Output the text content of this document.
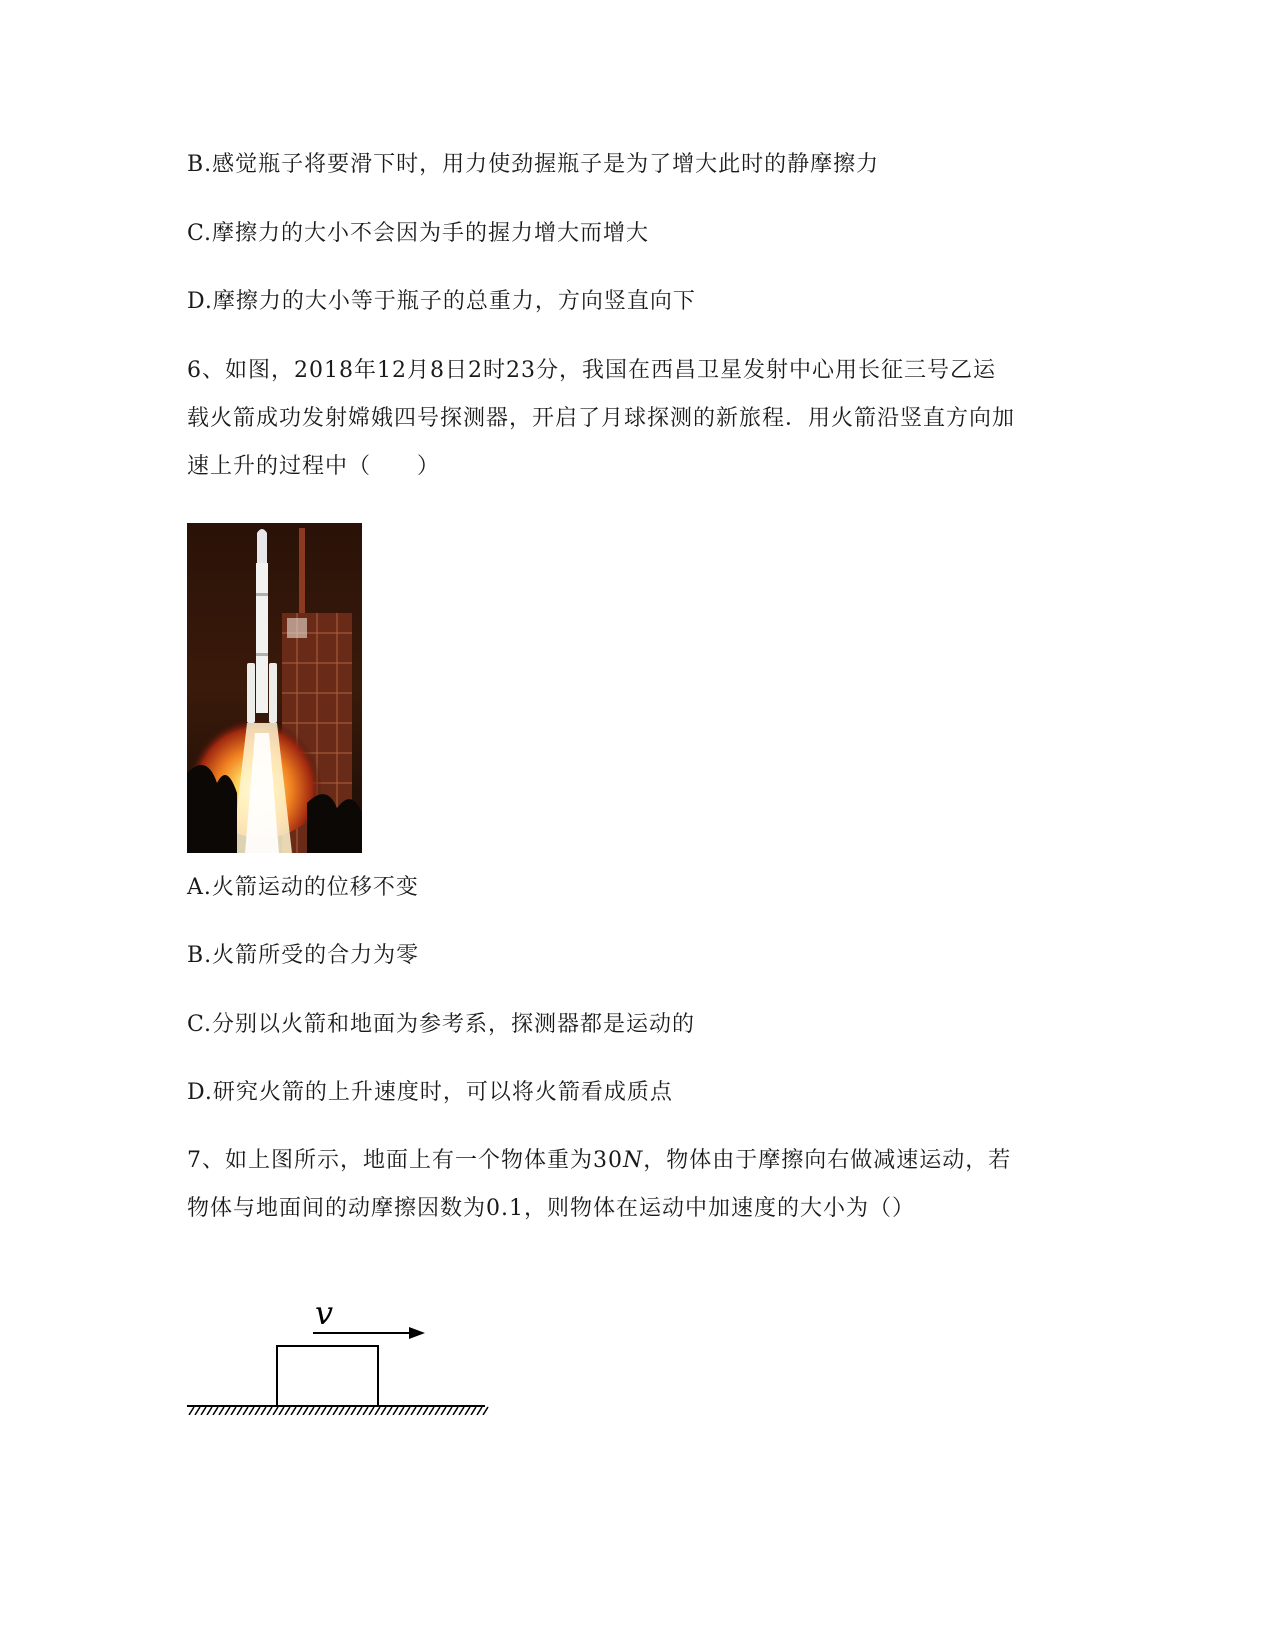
B.感觉瓶子将要滑下时，用力使劲握瓶子是为了增大此时的静摩擦力
C.摩擦力的大小不会因为手的握力增大而增大
D.摩擦力的大小等于瓶子的总重力，方向竖直向下
6、如图，2018年12月8日2时23分，我国在西昌卫星发射中心用长征三号乙运
载火箭成功发射嫦娥四号探测器，开启了月球探测的新旅程．用火箭沿竖直方向加
速上升的过程中（　　）
A.火箭运动的位移不变
B.火箭所受的合力为零
C.分别以火箭和地面为参考系，探测器都是运动的
D.研究火箭的上升速度时，可以将火箭看成质点
7、如上图所示，地面上有一个物体重为30N，物体由于摩擦向右做减速运动，若
物体与地面间的动摩擦因数为0.1，则物体在运动中加速度的大小为（）
v
